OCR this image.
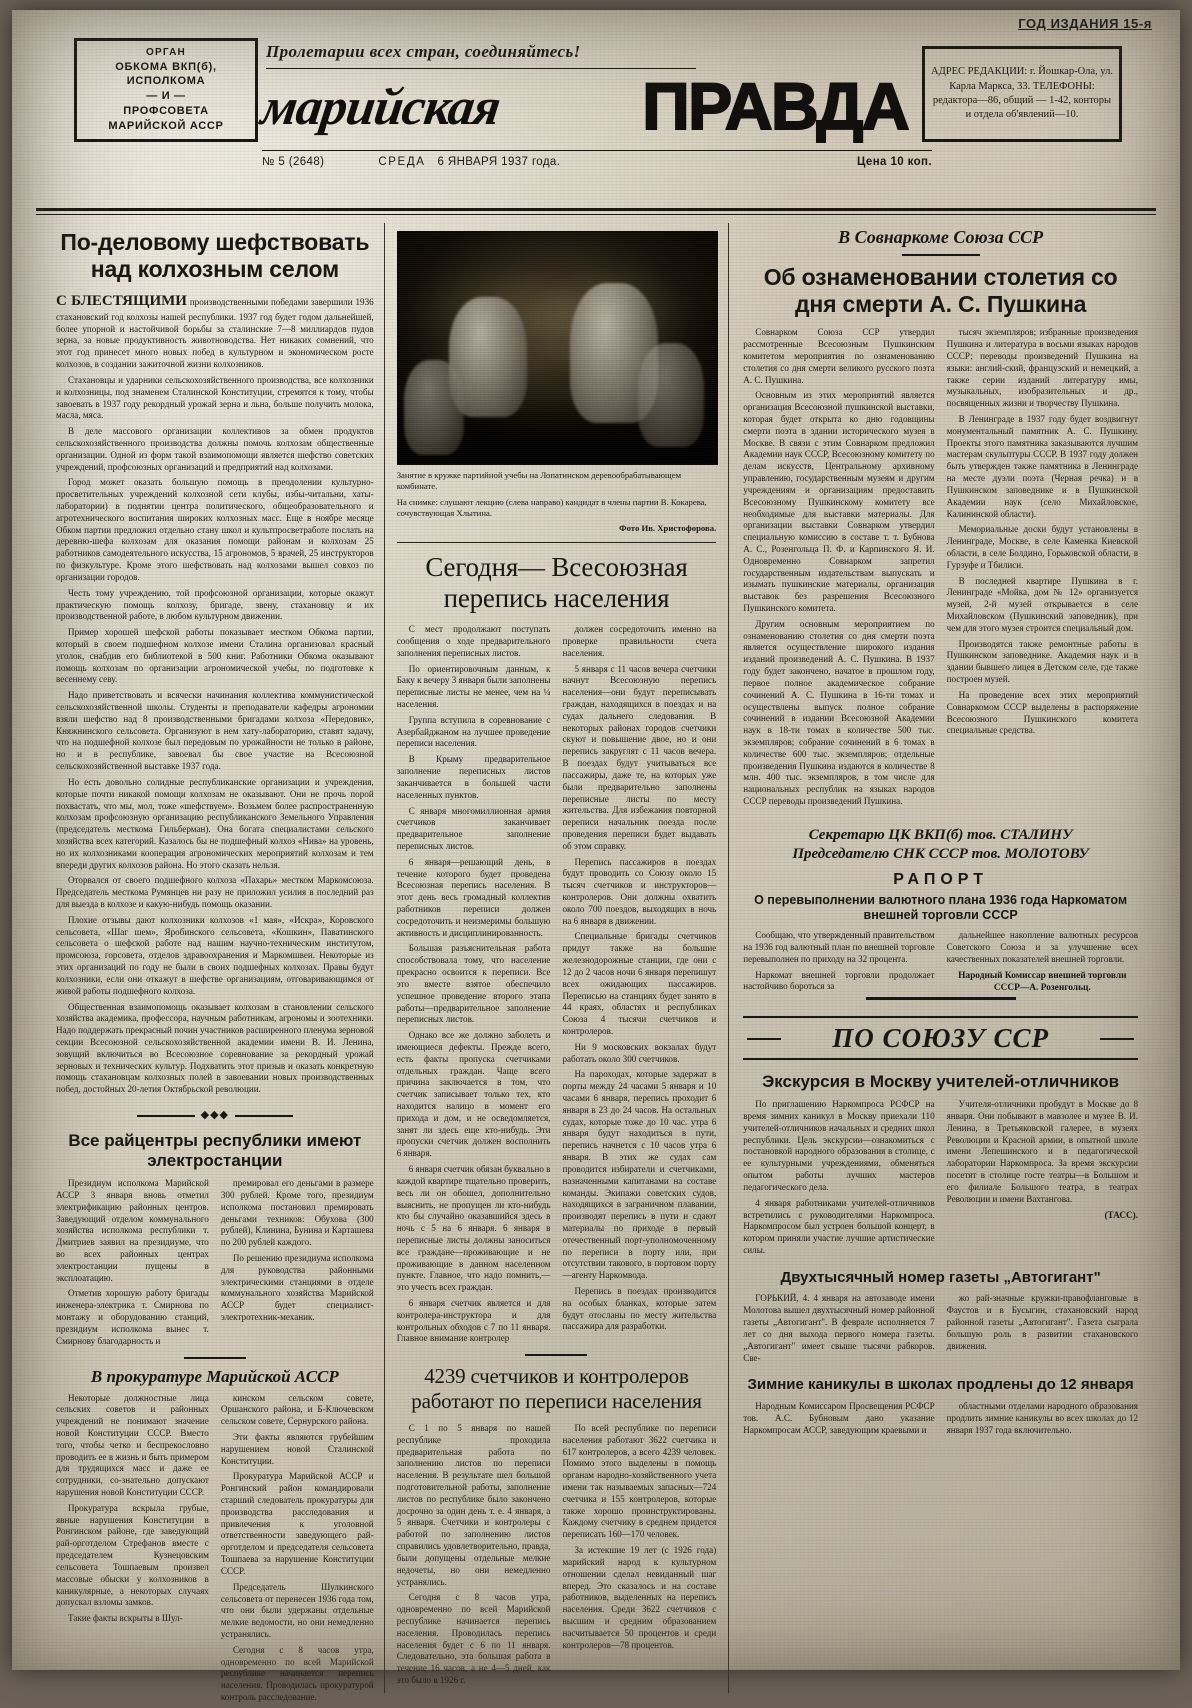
ГОД ИЗДАНИЯ 15-я
ОРГАН
ОБКОМА ВКП(б),
ИСПОЛКОМА
— И —
ПРОФСОВЕТА
МАРИЙСКОЙ АССР
Пролетарии всех стран, соединяйтесь!
марийская ПРАВДА	АДРЕС РЕДАКЦИИ: г. Йошкар-Ола, ул. Карла Маркса, 33. ТЕЛЕФОНЫ: редактора—86, общий — 1-42, конторы и отдела об'явлений—10.
№ 5 (2648)	СРЕДА 6 ЯНВАРЯ 1937 года.	Цена 10 коп.
По-деловому шефствовать над колхозным селом

С БЛЕСТЯЩИМИ производственными победами завершили 1936 стахановский год колхозы нашей республики. 1937 год будет годом дальнейшей, более упорной и настойчивой борьбы за сталинские 7—8 миллиардов пудов зерна, за новые продуктивность животноводства. Нет никаких сомнений, что этот год принесет много новых побед в культурном и экономическом росте колхозов, в создании зажиточной жизни колхозников.

Стахановцы и ударники сельскохозяйственного производства, все колхозники и колхозницы, под знаменем Сталинской Конституции, стремятся к тому, чтобы завоевать в 1937 году рекордный урожай зерна и льна, больше получить молока, масла, мяса.

В деле массового организации коллективов за обмен продуктов сельскохозяйственного производства должны помочь колхозам общественные организации. Одной из форм такой взаимопомощи является шефство советских учреждений, профсоюзных организаций и предприятий над колхозами.

Город может оказать большую помощь в преодолении культурно-просветительных учреждений колхозной сети клубы, избы-читальни, хаты-лаборатории) в поднятии центра политического, общеобразовательного и агротехнического воспитания широких колхозных масс. Еще в ноябре месяце Обком партии предложил отдельно стану школ и культпросветработе послать на деревню-шефа колхозам для оказания помощи районам и колхозам 25 работников самодеятельного искусства, 15 агрономов, 5 врачей, 25 инструкторов по физкультуре. Кроме этого шефствовать над колхозами вышел совхоз по организации городов.

Честь тому учреждению, той профсоюзной организации, которые окажут практическую помощь колхозу, бригаде, звену, стахановцу и их производственной работе, в любом культурном движении.

Пример хорошей шефской работы показывает местком Обкома партии, который в своем подшефном колхозе имени Сталина организовал красный уголок, снабдив его библиотекой в 500 книг. Работники Обкома оказывают помощь колхозам по организации агрономической учебы, по подготовке к весеннему севу.

Надо приветствовать и всячески начинания коллектива коммунистической сельскохозяйственной школы. Студенты и преподаватели кафедры агрономии взяли шефство над 8 производственными бригадами колхоза «Передовик», Княжнинского сельсовета. Организуют в нем хату-лабораторию, ставят задачу, что на подшефной колхозе был передовым по урожайности не только в районе, но и в республике, завоевал бы свое участие на Всесоюзной сельскохозяйственной выставке 1937 года.

Но есть довольно солидные республиканские организации и учреждения, которые почти никакой помощи колхозам не оказывают. Они не прочь порой похвастать, что мы, мол, тоже «шефствуем». Возьмем более распространенную колхозам профсоюзную организацию республиканского Земельного Управления (председатель месткома Гильберман). Она богата специалистами сельского хозяйства всех категорий. Казалось бы не подшефный колхоз «Нива» на уровень, но их колхозниками кооперация агрономических мероприятий колхозам и тем впереди других колхозов района. Но этого сказать нельзя.

Оторвался от своего подшефного колхоза «Пахарь» местком Маркомсоюза. Председатель месткома Румянцев ни разу не приложил усилия в последний раз для выезда в колхозе и какую-нибудь помощь оказании.

Плохие отзывы дают колхозники колхозов «1 мая», «Искра», Коровского сельсовета, «Шаг шем», Яробинского сельсовета, «Кошкин», Паватинского сельсовета о шефской работе над нашим научно-техническим институтом, промсоюза, горсовета, отделов здравоохранения и Маркомшвеи. Некоторые из этих организаций по году не были в своих подшефных колхозах. Правы будут колхозники, если они откажут в шефстве организациям, отговаривающимся от живой работы подшефного колхоза.

Общественная взаимопомощь оказывает колхозам в становлении сельского хозяйства академика, профессора, научным работникам, агрономы и зоотехники. Надо поддержать прекрасный почин участников расширенного пленума зерновой секции Всесоюзной сельскохозяйственной академии имени В. И. Ленина, зовущий включиться во Всесоюзное соревнование за рекордный урожай зерновых и технических культур. Подхватить этот призыв и оказать конкретную помощь стахановцам колхозных полей в завоевании новых производственных побед, достойных 20-летия Октябрьской революции.

◆◆◆
Все райцентры республики имеют электростанции

Президиум исполкома Марийской АССР 3 января вновь отметил электрификацию районных центров. Заведующий отделом коммунального хозяйства исполкома республики т. Дмитриев заявил на президиуме, что во всех районных центрах электростанции пущены в эксплоатацию.

Отметив хорошую работу бригады инженера-электрика т. Смирнова по монтажу и оборудованию станций, президиум исполкома вынес т. Смирнову благодарность и

премировал его деньгами в размере 300 рублей. Кроме того, президиум исполкома постановил премировать деньгами техников: Обухова (300 рублей), Клинина, Бунина и Карташева по 200 рублей каждого.

По решению президиума исполкома для руководства районными электрическими станциями в отделе коммунального хозяйства Марийской АССР будет специалист-электротехник-механик.

В прокуратуре Марийской АССР

Некоторые должностные лица сельских советов и районных учреждений не понимают значение новой Конституции СССР. Вместо того, чтобы четко и беспрекословно проводить ее в жизнь и быть примером для трудящихся масс и даже ее сотрудники, со-знательно допускают нарушения новой Конституции СССР.

Прокуратура вскрыла грубые, явные нарушения Конституции в Ронгинском районе, где заведующий рай-орготделом Стрефанов вместе с председателем Кузнецовским сельсовета Тошпаевым произвел массовые обыски у колхозников в каникулярные, а некоторых случаях допускал взломы замков.

Такие факты вскрыты в Шул-

кинском сельском совете, Оршанского района, и Б-Ключевском сельском совете, Сернурского района.

Эти факты являются грубейшим нарушением новой Сталинской Конституции.

Прокуратура Марийской АССР и Ронгинский район командировали старший следователь прокуратуры для производства расследования и привлечения к уголовной ответственности заведующего рай-орготделом и председателя сельсовета Тошпаева за нарушение Конституции СССР.

Председатель Шулкинского сельсовета от перенесен 1936 года том, что они были удержаны отдельные мелкие ведомости, но они немедленно устранялись.

Сегодня с 8 часов утра, одновременно по всей Марийской республике начинается перепись населения. Проводилась прокуратурой контроль расследование.

Занятие в кружке партийной учебы на Лопатинском деревообрабатывающем комбинате.

На снимке: слушают лекцию (слева направо) кандидат в члены партии В. Кокарева, сочувствующая Хлытина.

Фото Ив. Христофорова.

Сегодня— Всесоюзная перепись населения

С мест продолжают поступать сообщения о ходе предварительного заполнения переписных листов.

По ориентировочным данным, к Баку к вечеру 3 января были заполнены переписные листы не менее, чем на ¼ населения.

Группа вступила в соревнование с Азербайджаном на лучшее проведение переписи населения.

В Крыму предварительное заполнение переписных листов заканчивается в большей части населенных пунктов.

С января многомиллионная армия счетчиков заканчивает предварительное заполнение переписных листов.

6 января—решающий день, в течение которого будет проведена Всесоюзная перепись населения. В этот день весь громадный коллектив работников переписи должен сосредоточить и неизмеримы большую активность и дисциплинированность.

Большая разъяснительная работа способствовала тому, что население прекрасно освоится к переписи. Все это вместе взятое обеспечило успешное проведение второго этапа работы—предварительное заполнение переписных листов.

Однако все же должно заболеть и имеющиеся дефекты. Прежде всего, есть факты пропуска счетчиками отдельных граждан. Чаще всего причина заключается в том, что счетчик записывает только тех, кто находится налицо в момент его прихода и дом, и не осведомляется, занят ли здесь еще кто-нибудь. Эти пропуски счетчик должен восполнить 6 января.

6 января счетчик обязан буквально в каждой квартире тщательно проверить, весь ли он обошел, дополнительно выяснить, не пропущен ли кто-нибудь кто бы случайно оказавшийся здесь в ночь с 5 на 6 января. 6 января в переписные листы должны заноситься все граждане—проживающие и не проживающие в данном населенном пункте. Главное, что надо помнить,—это учесть всех граждан.

6 января счетчик является и для контролера-инструктора и для контрольных обходов с 7 по 11 января. Главное внимание контролер

должен сосредоточить именно на проверке правильности счета населения.

5 января с 11 часов вечера счетчики начнут Всесоюзную перепись населения—они будут переписывать граждан, находящихся в поездах и на судах дальнего следования. В некоторых районах городов счетчики скуют и повышение двое, но и они перепись закруглят с 11 часов вечера. В поездах будут учитываться все пассажиры, даже те, на которых уже были предварительно заполнены переписные листы по месту жительства. Для избежания повторной переписи начальник поезда после проведения переписи будет выдавать об этом справку.

Перепись пассажиров в поездах будут проводить со Союзу около 15 тысяч счетчиков и инструкторов—контролеров. Они должны охватить около 700 поездов, выходящих в ночь на 6 января в движении.

Специальные бригады счетчиков придут также на большие железнодорожные станции, где они с 12 до 2 часов ночи 6 января перепишут всех ожидающих пассажиров. Переписью на станциях будет занято в 44 краях, областях и республиках Союза 4 тысячи счетчиков и контролеров.

Ни 9 московских вокзалах будут работать около 300 счетчиков.

На пароходах, которые задержат в порты между 24 часами 5 января и 10 часами 6 января, перепись проходит 6 января в 23 до 24 часов. На остальных судах, которые тоже до 10 час. утра 6 января будут находиться в пути, перепись начнется с 10 часов утра 6 января. В этих же судах сам проводится избиратели и счетчиками, назначенными капитанами на составе команды. Экипажи советских судов, находящихся в заграничном плавании, производят перепись в пути и сдают материалы по приходе в первый отечественный порт-уполномоченному по переписи в порту или, при отсутствии такового, в портовом порту—агенту Наркомвода.

Перепись в поездах производится на особых бланках, которые затем будут отосланы по месту жительства пассажира для разработки.

4239 счетчиков и контролеров работают по переписи населения

С 1 по 5 января по нашей республике проходила предварительная работа по заполнению листов по переписи населения. В результате шел большой подготовительной работы, заполнение листов по республике было закончено досрочно за один день т. е. 4 января, а 5 января. Счетчики и контролеры с работой по заполнению листов справились удовлетворительно, правда, были допущены отдельные мелкие недочеты, но они немедленно устранялись.

Сегодня с 8 часов утра, одновременно по всей Марийской республике начинается перепись населения. Проводилась перепись населения будет с 6 по 11 января. Следовательно, эта большая работа в течение 16 часов, а не 4—5 дней, как это было в 1926 г.

По всей республике по переписи населения работают 3622 счетчика и 617 контролеров, а всего 4239 человек. Помимо этого выделены в помощь органам народно-хозяйственного учета имени так называемых запасных—724 счетчика и 155 контролеров, которые также хорошо проинструктированы. Каждому счетчику в среднем придется переписать 160—170 человек.

За истекшие 19 лет (с 1926 года) марийский народ к культурном отношении сделал невиданный шаг вперед. Это сказалось и на составе работников, выделенных на перепись населения. Среди 3622 счетчиков с высшим и средним образованием насчитывается 50 процентов и среди контролеров—78 процентов.

В Совнаркоме Союза ССР
Об ознаменовании столетия со дня смерти А. С. Пушкина

Совнарком Союза ССР утвердил рассмотренные Всесоюзным Пушкинским комитетом мероприятия по ознаменованию столетия со дня смерти великого русского поэта А. С. Пушкина.

Основным из этих мероприятий является организация Всесоюзной пушкинской выставки, которая будет открыта ко дню годовщины смерти поэта в здании исторического музея в Москве. В связи с этим Совнарком предложил Академии наук СССР, Всесоюзному комитету по делам искусств, Центральному архивному управлению, государственным музеям и другим учреждениям и организациям предоставить Всесоюзному Пушкинскому комитету все необходимые для выставки материалы. Для организации выставки Совнарком утвердил специальную комиссию в составе т. т. Бубнова А. С., Розенгольца П. Ф. и Карпинского Я. И. Одновременно Совнарком запретил государственным издательствам выпускать и изымать пушкинские материалы, организация выставок без разрешения Всесоюзного Пушкинского комитета.

Другим основным мероприятием по ознаменованию столетия со дня смерти поэта является осуществление широкого издания изданий произведений А. С. Пушкина. В 1937 году будет закончено, начатое в прошлом году, первое полное академическое собрание сочинений А. С. Пушкина в 16-ти томах и осуществлены выпуск полное собрание сочинений в издании Всесоюзной Академии наук в 18-ти томах в количестве 500 тыс. экземпляров; собрание сочинений в 6 томах в количестве 600 тыс. экземпляров; отдельные произведения Пушкина издаются в количестве 8 млн. 400 тыс. экземпляров, в том числе для национальных республик на языках народов СССР переводы произведений Пушкина.

тысяч экземпляров; избранные произведения Пушкина и литература в восьми языках народов СССР; переводы произведений Пушкина на языки: англий-ский, французский и немецкий, а также серии изданий литературу имы, музыкальных, изобразительных и др., посвященных жизни и творчеству Пушкина.

В Ленинграде в 1937 году будет воздвигнут монументальный памятник А. С. Пушкину. Проекты этого памятника заказываются лучшим мастерам скульптуры СССР. В 1937 году должен быть утвержден также памятника в Ленинграде на месте дуэли поэта (Черная речка) и в Пушкинском заповеднике и в Пушкинской Академии наук (село Михайловское, Калининской области).

Мемориальные доски будут установлены в Ленинграде, Москве, в селе Каменка Киевской области, в селе Болдино, Горьковской области, в Гурзуфе и Тбилиси.

В последней квартире Пушкина в г. Ленинграде «Мойка, дом № 12» организуется музей, 2-й музей открывается в селе Михайловском (Пушкинский заповедник), при чем для этого музея строится специальный дом.

Производятся также ремонтные работы в Пушкинском заповеднике. Академия наук и в здании бывшего лицея в Детском селе, где также построен музей.

На проведение всех этих мероприятий Совнаркомом СССР выделены в распоряжение Всесоюзного Пушкинского комитета специальные средства.

Секретарю ЦК ВКП(б) тов. СТАЛИНУ
Председателю СНК СССР тов. МОЛОТОВУ
РАПОРТ
О перевыполнении валютного плана 1936 года Наркоматом внешней торговли СССР

Сообщаю, что утвержденный правительством на 1936 год валютный план по внешней торговле перевыполнен по приходу на 32 процента.

Наркомат внешней торговли продолжает настойчиво бороться за

дальнейшее накопление валютных ресурсов Советского Союза и за улучшение всех качественных показателей внешней торговли.

Народный Комиссар внешней торговли СССР—А. Розенгольц.

ПО СОЮЗУ ССР
Экскурсия в Москву учителей-отличников

По приглашению Наркомпроса РСФСР на время зимних каникул в Москву приехали 110 учителей-отличников начальных и средних школ республики. Цель экскурсии—ознакомиться с постановкой народного образования в столице, с ее культурными учреждениями, обменяться опытом работы лучших мастеров педагогического дела.

4 января работниками учителей-отличников встретились с руководителями Наркомпроса. Наркомпросом был устроен большой концерт, в котором приняли участие лучшие артистические силы.

Учителя-отличники пробудут в Москве до 8 января. Они побывают в мавзолее и музее В. И. Ленина, в Третьяковской галерее, в музеях Революции и Красной армии, в опытной школе имени Лепешинского и в педагогической лаборатории Наркомпроса. За время экскурсии посетят в столице госте театры—в Большом и его филиале Большого театра, в театрах Революции и имени Вахтангова.

(ТАСС).

Двухтысячный номер газеты „Автогигант"

ГОРЬКИЙ, 4. 4 января на автозаводе имени Молотова вышел двухтысячный номер районной газеты „Автогигант". В феврале исполняется 7 лет со дня выхода первого номера газеты. „Автогигант" имеет свыше тысячи рабкоров. Све-

жо рай-значные кружки-правофланговые в Фаустов и в Бусыгин, стахановский народ районной газеты „Автогигант". Газета сыграла большую роль в развитии стахановского движения.

Зимние каникулы в школах продлены до 12 января

Народным Комиссаром Просвещения РСФСР тов. А.С. Бубновым дано указание Наркомпросам АССР, заведующим краевыми и

областными отделами народного образования продлить зимние каникулы во всех школах до 12 января 1937 года включительно.
